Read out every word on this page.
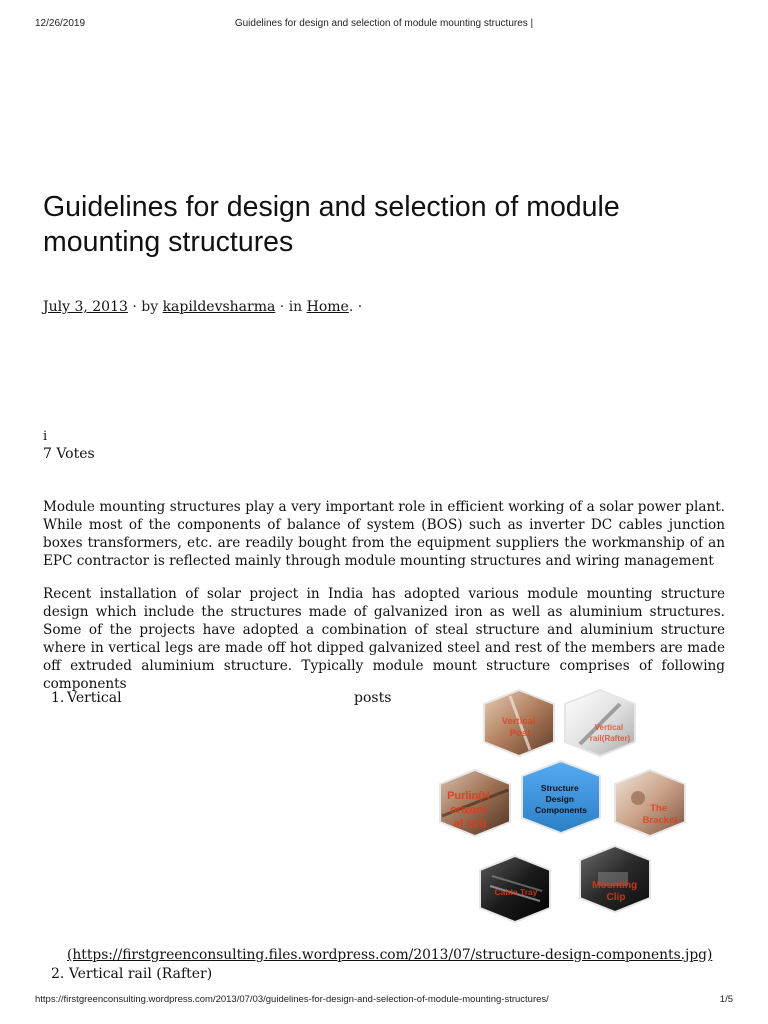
12/26/2019	Guidelines for design and selection of module mounting structures |
Guidelines for design and selection of module mounting structures
July 3, 2013 · by kapildevsharma · in Home. ·
i
7 Votes

Module mounting structures play a very important role in efficient working of a solar power plant. While most of the components of balance of system (BOS) such as inverter DC cables junction boxes transformers, etc. are readily bought from the equipment suppliers the workmanship of an EPC contractor is reflected mainly through module mounting structures and wiring management

Recent installation of solar project in India has adopted various module mounting structure design which include the structures made of galvanized iron as well as aluminium structures. Some of the projects have adopted a combination of steal structure and aluminium structure where in vertical legs are made off hot dipped galvanized steel and rest of the members are made off extruded aluminium structure. Typically module mount structure comprises of following components

1. Vertical	posts
Structure Design Components
Vertical Post
Vertical rail(Rafter)
The Bracket
Mounting Clip
Cable Tray
Purlin(H orizont al rail)
(https://firstgreenconsulting.files.wordpress.com/2013/07/structure-design-components.jpg)
2. Vertical rail (Rafter)
https://firstgreenconsulting.wordpress.com/2013/07/03/guidelines-for-design-and-selection-of-module-mounting-structures/	1/5
